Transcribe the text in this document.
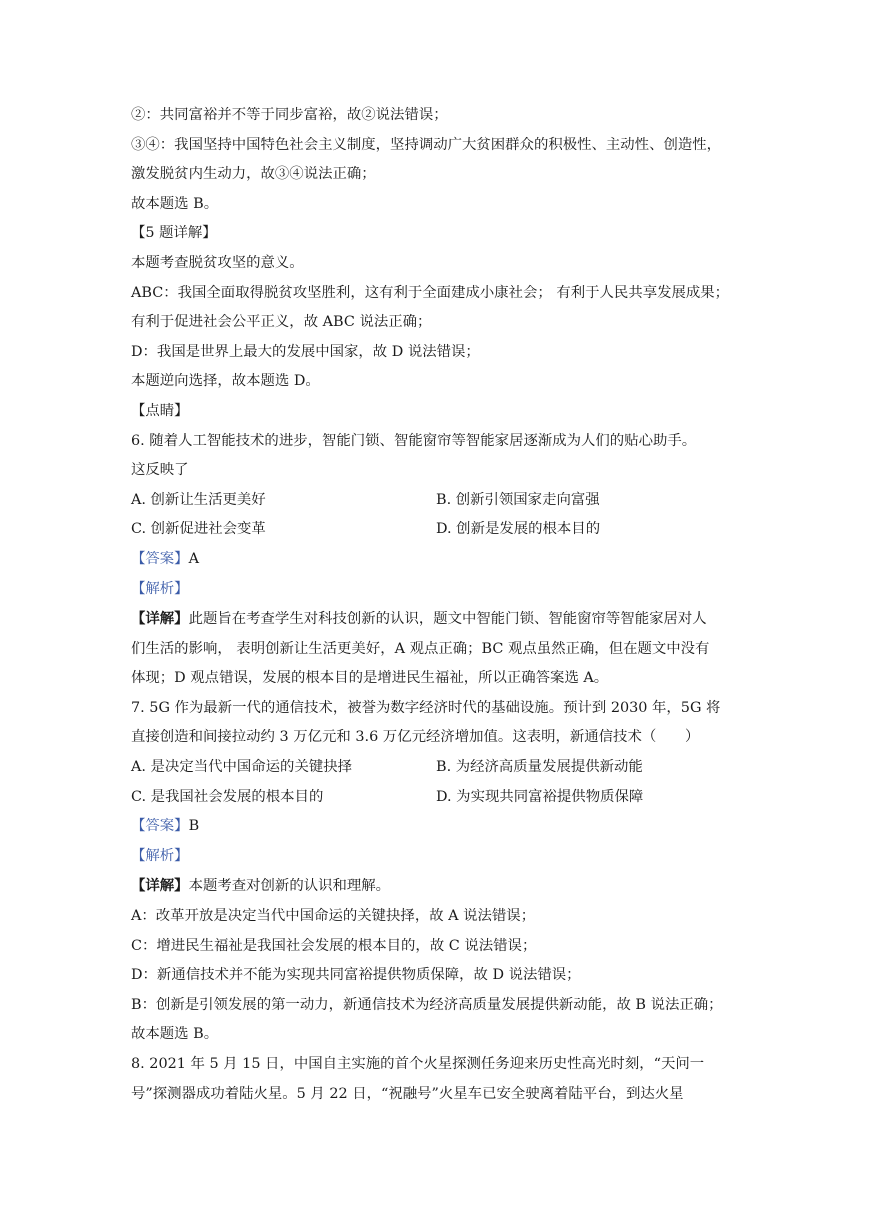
②：共同富裕并不等于同步富裕，故②说法错误；
③④：我国坚持中国特色社会主义制度，坚持调动广大贫困群众的积极性、主动性、创造性，
激发脱贫内生动力，故③④说法正确；
故本题选 B。
【5 题详解】
本题考查脱贫攻坚的意义。
ABC：我国全面取得脱贫攻坚胜利，这有利于全面建成小康社会； 有利于人民共享发展成果；
有利于促进社会公平正义，故 ABC 说法正确；
D：我国是世界上最大的发展中国家，故 D 说法错误；
本题逆向选择，故本题选 D。
【点睛】
6. 随着人工智能技术的进步，智能门锁、智能窗帘等智能家居逐渐成为人们的贴心助手。
这反映了
A. 创新让生活更美好	B. 创新引领国家走向富强
C. 创新促进社会变革	D. 创新是发展的根本目的
【答案】A
【解析】
【详解】此题旨在考查学生对科技创新的认识，题文中智能门锁、智能窗帘等智能家居对人
们生活的影响， 表明创新让生活更美好，A 观点正确；BC 观点虽然正确，但在题文中没有
体现；D 观点错误，发展的根本目的是增进民生福祉，所以正确答案选 A。
7. 5G 作为最新一代的通信技术，被誉为数字经济时代的基础设施。预计到 2030 年，5G 将
直接创造和间接拉动约 3 万亿元和 3.6 万亿元经济增加值。这表明，新通信技术（　　）
A. 是决定当代中国命运的关键抉择	B. 为经济高质量发展提供新动能
C. 是我国社会发展的根本目的	D. 为实现共同富裕提供物质保障
【答案】B
【解析】
【详解】本题考查对创新的认识和理解。
A：改革开放是决定当代中国命运的关键抉择，故 A 说法错误；
C：增进民生福祉是我国社会发展的根本目的，故 C 说法错误；
D：新通信技术并不能为实现共同富裕提供物质保障，故 D 说法错误；
B：创新是引领发展的第一动力，新通信技术为经济高质量发展提供新动能，故 B 说法正确；
故本题选 B。
8. 2021 年 5 月 15 日，中国自主实施的首个火星探测任务迎来历史性高光时刻，“天问一
号”探测器成功着陆火星。5 月 22 日，“祝融号”火星车已安全驶离着陆平台，到达火星
